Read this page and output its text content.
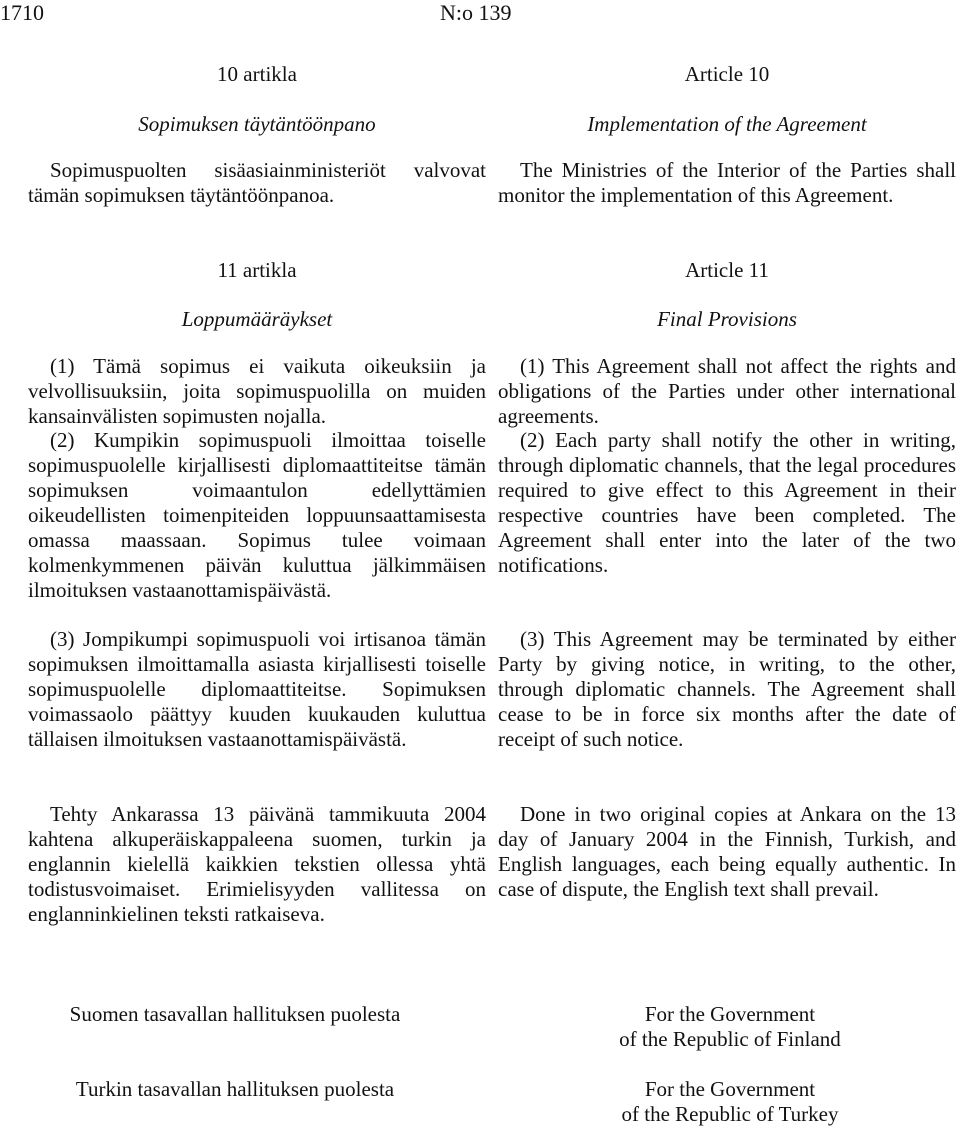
1710	N:o 139
10 artikla
Sopimuksen täytäntöönpano

Sopimuspuolten sisäasiainministeriöt valvovat tämän sopimuksen täytäntöönpanoa.

11 artikla
Loppumääräykset

(1) Tämä sopimus ei vaikuta oikeuksiin ja velvollisuuksiin, joita sopimuspuolilla on muiden kansainvälisten sopimusten nojalla.

(2) Kumpikin sopimuspuoli ilmoittaa toiselle sopimuspuolelle kirjallisesti diplomaattiteitse tämän sopimuksen voimaantulon edellyttämien oikeudellisten toimenpiteiden loppuunsaattamisesta omassa maassaan. Sopimus tulee voimaan kolmenkymmenen päivän kuluttua jälkimmäisen ilmoituksen vastaanottamispäivästä.

(3) Jompikumpi sopimuspuoli voi irtisanoa tämän sopimuksen ilmoittamalla asiasta kirjallisesti toiselle sopimuspuolelle diplomaattiteitse. Sopimuksen voimassaolo päättyy kuuden kuukauden kuluttua tällaisen ilmoituksen vastaanottamispäivästä.

Tehty Ankarassa 13 päivänä tammikuuta 2004 kahtena alkuperäiskappaleena suomen, turkin ja englannin kielellä kaikkien tekstien ollessa yhtä todistusvoimaiset. Erimielisyyden vallitessa on englanninkielinen teksti ratkaiseva.

Suomen tasavallan hallituksen puolesta
Turkin tasavallan hallituksen puolesta
Article 10
Implementation of the Agreement

The Ministries of the Interior of the Parties shall monitor the implementation of this Agreement.

Article 11
Final Provisions

(1) This Agreement shall not affect the rights and obligations of the Parties under other international agreements.

(2) Each party shall notify the other in writing, through diplomatic channels, that the legal procedures required to give effect to this Agreement in their respective countries have been completed. The Agreement shall enter into the later of the two notifications.

(3) This Agreement may be terminated by either Party by giving notice, in writing, to the other, through diplomatic channels. The Agreement shall cease to be in force six months after the date of receipt of such notice.

Done in two original copies at Ankara on the 13 day of January 2004 in the Finnish, Turkish, and English languages, each being equally authentic. In case of dispute, the English text shall prevail.

For the Government
of the Republic of Finland
For the Government
of the Republic of Turkey
